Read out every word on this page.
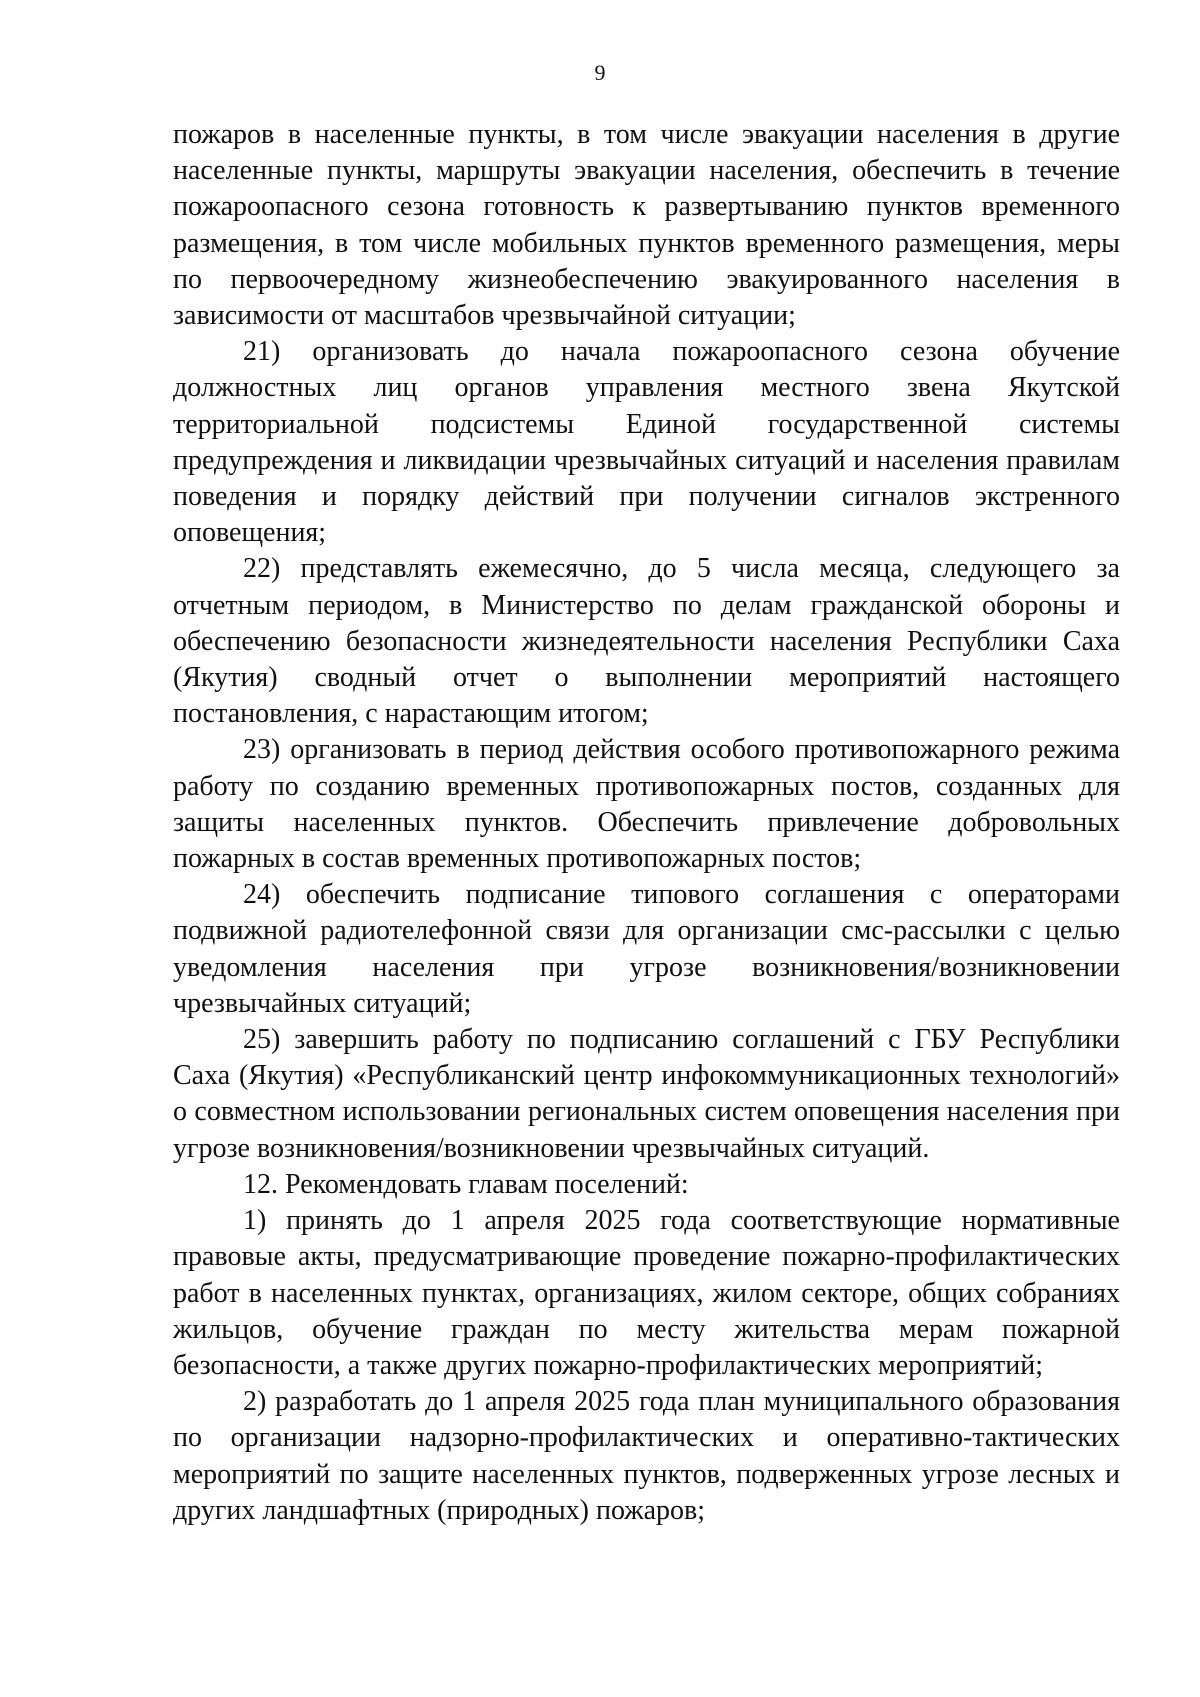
9

пожаров в населенные пункты, в том числе эвакуации населения в другие населенные пункты, маршруты эвакуации населения, обеспечить в течение пожароопасного сезона готовность к развертыванию пунктов временного размещения, в том числе мобильных пунктов временного размещения, меры по первоочередному жизнеобеспечению эвакуированного населения в зависимости от масштабов чрезвычайной ситуации;

21) организовать до начала пожароопасного сезона обучение должностных лиц органов управления местного звена Якутской территориальной подсистемы Единой государственной системы предупреждения и ликвидации чрезвычайных ситуаций и населения правилам поведения и порядку действий при получении сигналов экстренного оповещения;

22) представлять ежемесячно, до 5 числа месяца, следующего за отчетным периодом, в Министерство по делам гражданской обороны и обеспечению безопасности жизнедеятельности населения Республики Саха (Якутия) сводный отчет о выполнении мероприятий настоящего постановления, с нарастающим итогом;

23) организовать в период действия особого противопожарного режима работу по созданию временных противопожарных постов, созданных для защиты населенных пунктов. Обеспечить привлечение добровольных пожарных в состав временных противопожарных постов;

24) обеспечить подписание типового соглашения с операторами подвижной радиотелефонной связи для организации смс-рассылки с целью уведомления населения при угрозе возникновения/возникновении чрезвычайных ситуаций;

25) завершить работу по подписанию соглашений с ГБУ Республики Саха (Якутия) «Республиканский центр инфокоммуникационных технологий» о совместном использовании региональных систем оповещения населения при угрозе возникновения/возникновении чрезвычайных ситуаций.

12. Рекомендовать главам поселений:

1) принять до 1 апреля 2025 года соответствующие нормативные правовые акты, предусматривающие проведение пожарно-профилактических работ в населенных пунктах, организациях, жилом секторе, общих собраниях жильцов, обучение граждан по месту жительства мерам пожарной безопасности, а также других пожарно-профилактических мероприятий;

2) разработать до 1 апреля 2025 года план муниципального образования по организации надзорно-профилактических и оперативно-тактических мероприятий по защите населенных пунктов, подверженных угрозе лесных и других ландшафтных (природных) пожаров;
